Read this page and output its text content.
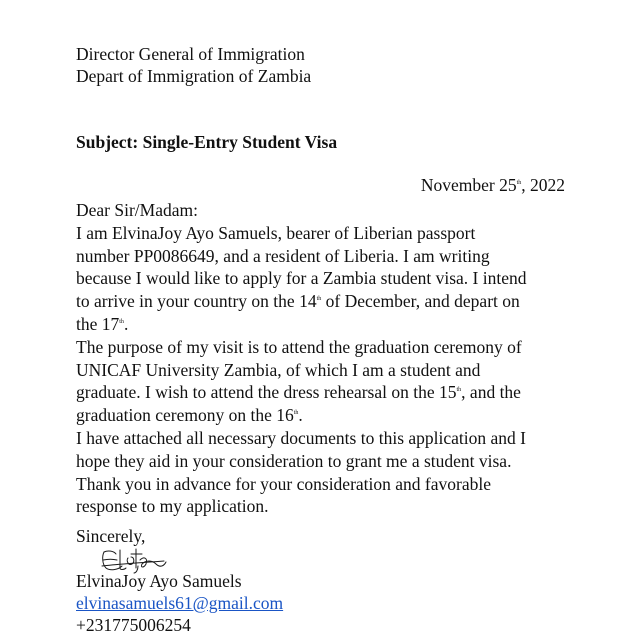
Director General of Immigration
Depart of Immigration of Zambia
Subject: Single-Entry Student Visa
November 25th, 2022
Dear Sir/Madam:
I am ElvinaJoy Ayo Samuels, bearer of Liberian passport
number PP0086649, and a resident of Liberia. I am writing
because I would like to apply for a Zambia student visa. I intend
to arrive in your country on the 14th of December, and depart on
the 17th.
The purpose of my visit is to attend the graduation ceremony of
UNICAF University Zambia, of which I am a student and
graduate. I wish to attend the dress rehearsal on the 15th, and the
graduation ceremony on the 16th.
I have attached all necessary documents to this application and I
hope they aid in your consideration to grant me a student visa.
Thank you in advance for your consideration and favorable
response to my application.
Sincerely,
ElvinaJoy Ayo Samuels
elvinasamuels61@gmail.com
+231775006254
